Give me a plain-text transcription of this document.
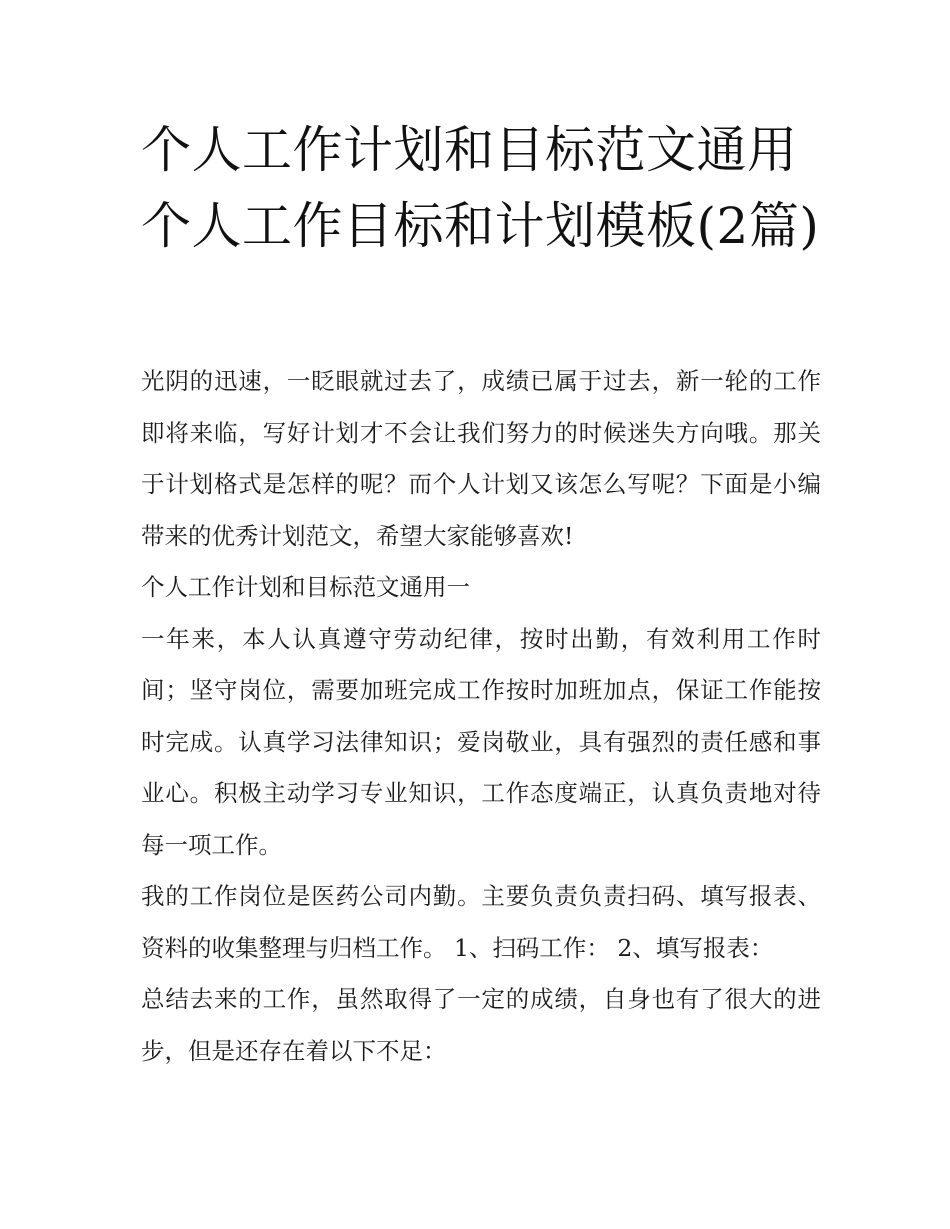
个人工作计划和目标范文通用个人工作目标和计划模板(2篇)

光阴的迅速，一眨眼就过去了，成绩已属于过去，新一轮的工作即将来临，写好计划才不会让我们努力的时候迷失方向哦。那关于计划格式是怎样的呢？而个人计划又该怎么写呢？下面是小编带来的优秀计划范文，希望大家能够喜欢!

个人工作计划和目标范文通用一

一年来，本人认真遵守劳动纪律，按时出勤，有效利用工作时间；坚守岗位，需要加班完成工作按时加班加点，保证工作能按时完成。认真学习法律知识；爱岗敬业，具有强烈的责任感和事业心。积极主动学习专业知识，工作态度端正，认真负责地对待每一项工作。

我的工作岗位是医药公司内勤。主要负责负责扫码、填写报表、资料的收集整理与归档工作。 1、扫码工作： 2、填写报表：

总结去来的工作，虽然取得了一定的成绩，自身也有了很大的进步，但是还存在着以下不足：
